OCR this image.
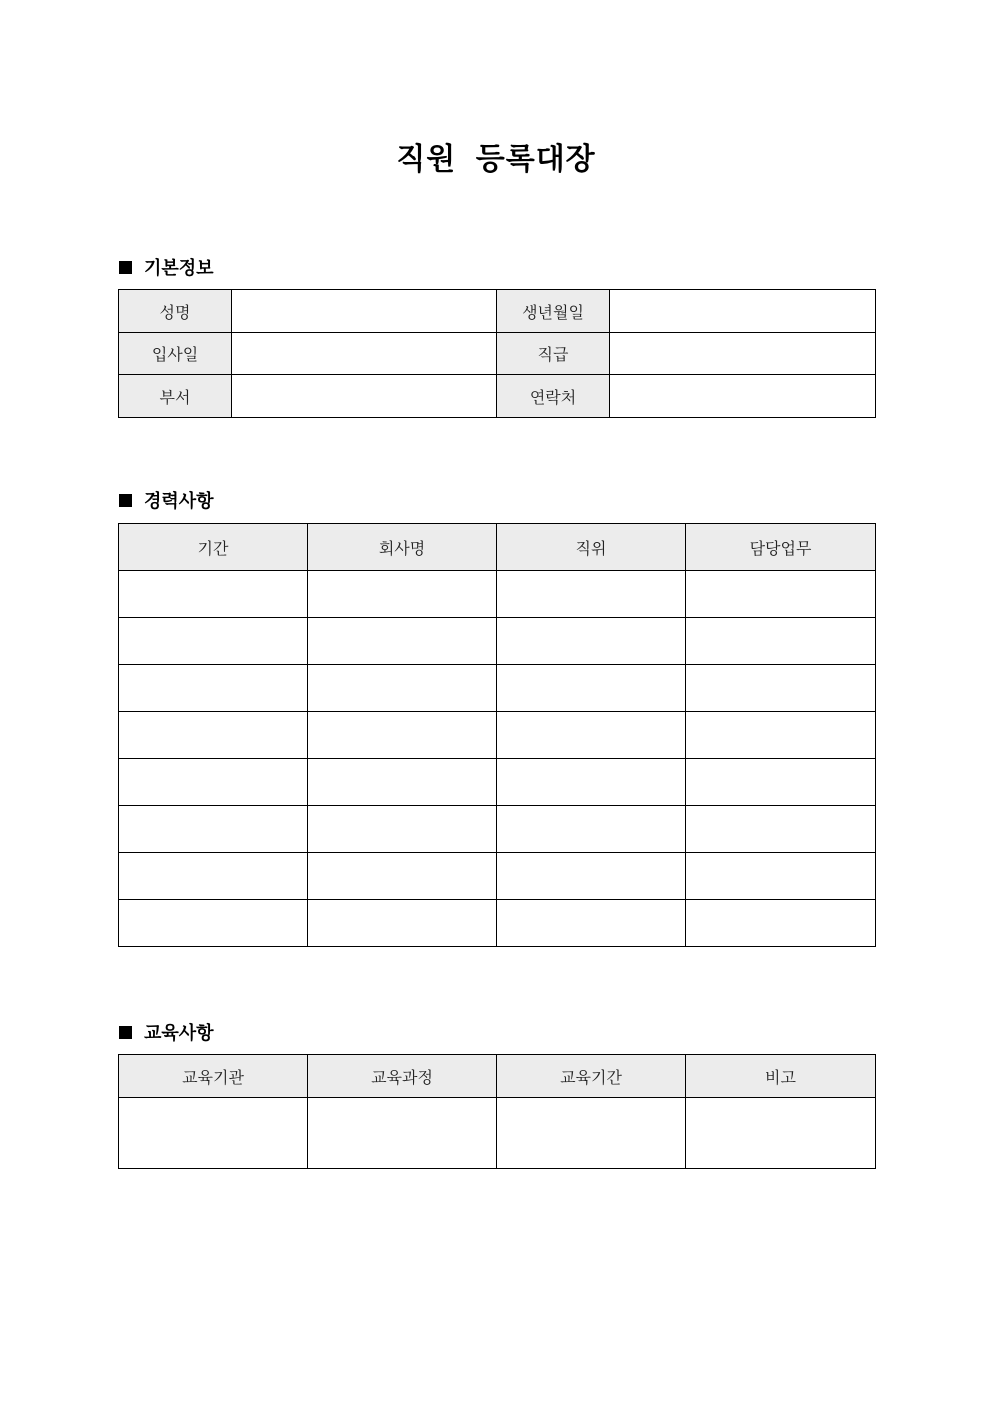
직원 등록대장
기본정보
성명		생년월일	
입사일		직급	
부서		연락처	
경력사항
기간	회사명	직위	담당업무

교육사항
교육기관	교육과정	교육기간	비고
